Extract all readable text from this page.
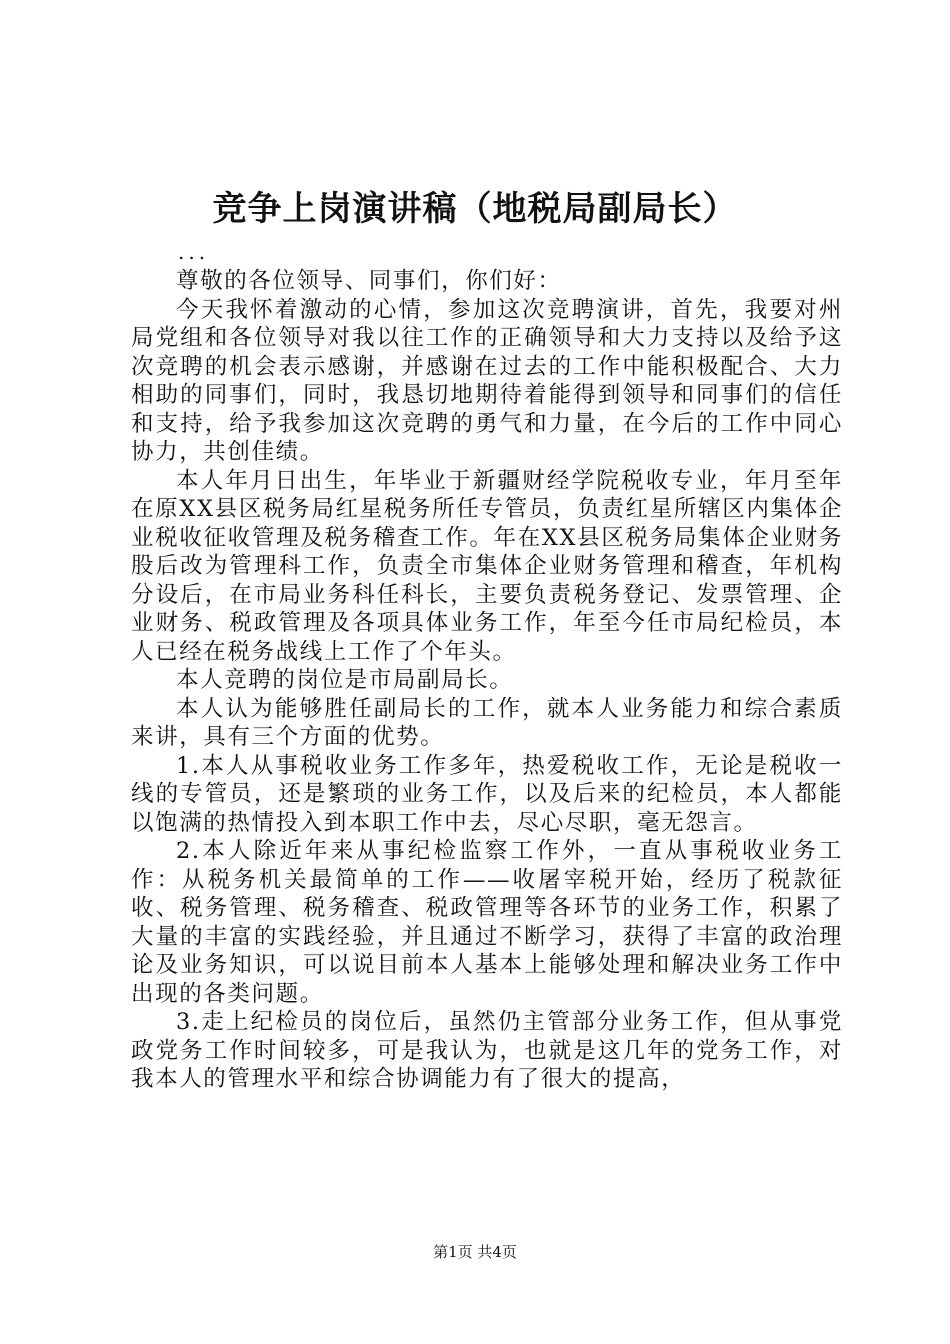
竞争上岗演讲稿（地税局副局长）
...

尊敬的各位领导、同事们，你们好：

今天我怀着激动的心情，参加这次竞聘演讲，首先，我要对州局党组和各位领导对我以往工作的正确领导和大力支持以及给予这次竞聘的机会表示感谢，并感谢在过去的工作中能积极配合、大力相助的同事们，同时，我恳切地期待着能得到领导和同事们的信任和支持，给予我参加这次竞聘的勇气和力量，在今后的工作中同心协力，共创佳绩。

本人年月日出生，年毕业于新疆财经学院税收专业，年月至年在原XX县区税务局红星税务所任专管员，负责红星所辖区内集体企业税收征收管理及税务稽查工作。年在XX县区税务局集体企业财务股后改为管理科工作，负责全市集体企业财务管理和稽查，年机构分设后，在市局业务科任科长，主要负责税务登记、发票管理、企业财务、税政管理及各项具体业务工作，年至今任市局纪检员，本人已经在税务战线上工作了个年头。

本人竞聘的岗位是市局副局长。

本人认为能够胜任副局长的工作，就本人业务能力和综合素质来讲，具有三个方面的优势。

1.本人从事税收业务工作多年，热爱税收工作，无论是税收一线的专管员，还是繁琐的业务工作，以及后来的纪检员，本人都能以饱满的热情投入到本职工作中去，尽心尽职，毫无怨言。

2.本人除近年来从事纪检监察工作外，一直从事税收业务工作：从税务机关最简单的工作——收屠宰税开始，经历了税款征收、税务管理、税务稽查、税政管理等各环节的业务工作，积累了大量的丰富的实践经验，并且通过不断学习，获得了丰富的政治理论及业务知识，可以说目前本人基本上能够处理和解决业务工作中出现的各类问题。

3.走上纪检员的岗位后，虽然仍主管部分业务工作，但从事党政党务工作时间较多，可是我认为，也就是这几年的党务工作，对我本人的管理水平和综合协调能力有了很大的提高，

第1页 共4页
